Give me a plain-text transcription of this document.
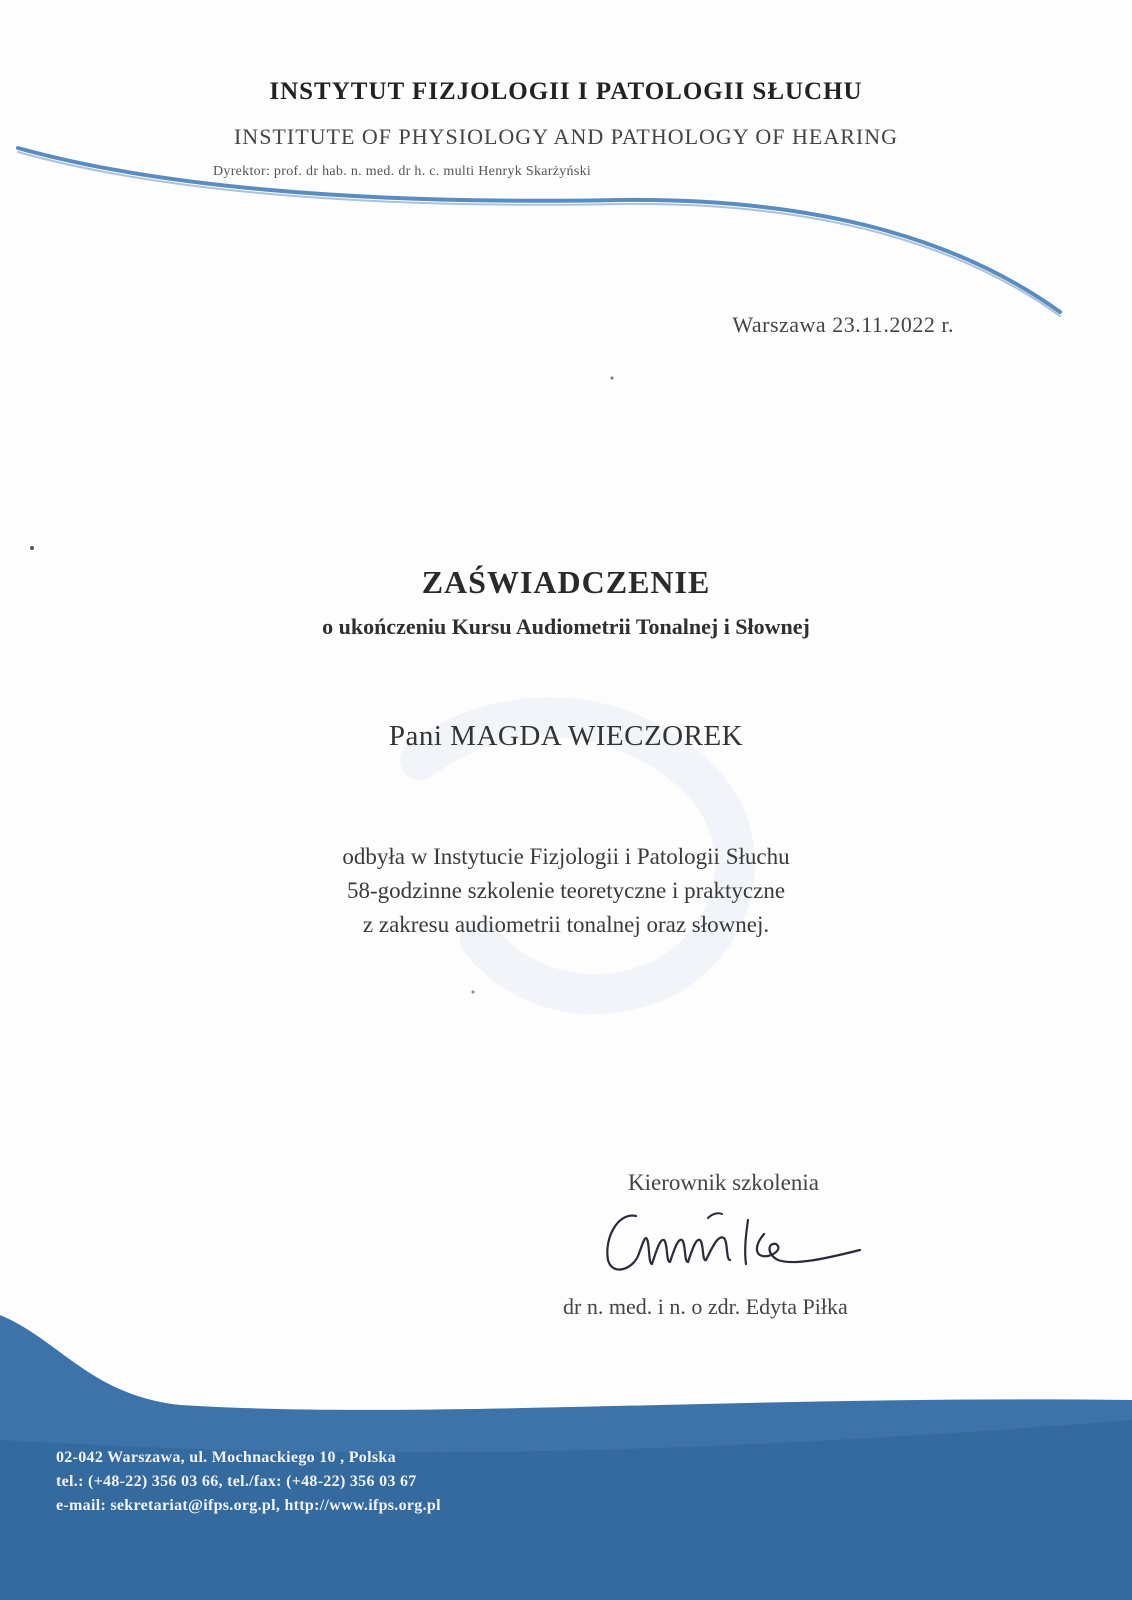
INSTYTUT FIZJOLOGII I PATOLOGII SŁUCHU
INSTITUTE OF PHYSIOLOGY AND PATHOLOGY OF HEARING
Dyrektor: prof. dr hab. n. med. dr h. c. multi Henryk Skarżyński
Warszawa 23.11.2022 r.
ZAŚWIADCZENIE
o ukończeniu Kursu Audiometrii Tonalnej i Słownej
Pani MAGDA WIECZOREK
odbyła w Instytucie Fizjologii i Patologii Słuchu
58-godzinne szkolenie teoretyczne i praktyczne
z zakresu audiometrii tonalnej oraz słownej.
Kierownik szkolenia
dr n. med. i n. o zdr. Edyta Piłka
02-042 Warszawa, ul. Mochnackiego 10 , Polska
tel.: (+48-22) 356 03 66, tel./fax: (+48-22) 356 03 67
e-mail: sekretariat@ifps.org.pl, http://www.ifps.org.pl
